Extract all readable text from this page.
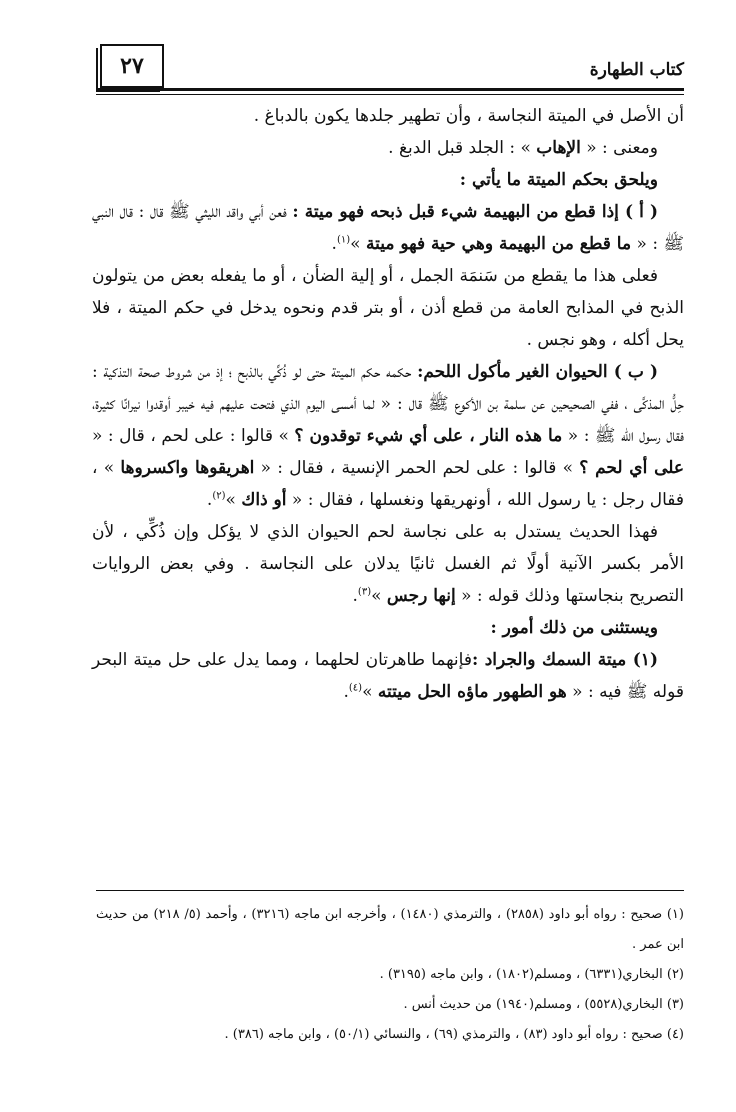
٢٧	كتاب الطهارة

أن الأصل في الميتة النجاسة ، وأن تطهير جلدها يكون بالدباغ .

ومعنى : « الإهاب » : الجلد قبل الدبغ .

ويلحق بحكم الميتة ما يأتي :

( أ ) إذا قطع من البهيمة شيء قبل ذبحه فهو ميتة : فعن أبي واقد الليثي ﷺ قال : قال النبي ﷺ : « ما قطع من البهيمة وهي حية فهو ميتة »$^{(١)}$.

فعلى هذا ما يقطع من سَنمَة الجمل ، أو إلية الضأن ، أو ما يفعله بعض من يتولون الذبح في المذابح العامة من قطع أذن ، أو بتر قدم ونحوه يدخل في حكم الميتة ، فلا يحل أكله ، وهو نجس .

( ب ) الحيوان الغير مأكول اللحم: حكمه حكم الميتة حتى لو ذُكِّي بالذبح ؛ إذ من شروط صحة التذكية : حِلُّ المذكَّى ، ففي الصحيحين عن سلمة بن الأكوع ﷺ قال : « لما أمسى اليوم الذي فتحت عليهم فيه خيبر أوقدوا نيرانًا كثيرة، فقال رسول الله ﷺ : « ما هذه النار ، على أي شيء توقدون ؟ » قالوا : على لحم ، قال : « على أي لحم ؟ » قالوا : على لحم الحمر الإنسية ، فقال : « اهريقوها واكسروها » ، فقال رجل : يا رسول الله ، أونهريقها ونغسلها ، فقال : « أو ذاك »$^{(٢)}$.

فهذا الحديث يستدل به على نجاسة لحم الحيوان الذي لا يؤكل وإن ذُكِّي ، لأن الأمر بكسر الآنية أولًا ثم الغسل ثانيًا يدلان على النجاسة . وفي بعض الروايات التصريح بنجاستها وذلك قوله : « إنها رجس »$^{(٣)}$.

ويستثنى من ذلك أمور :

(١) ميتة السمك والجراد :فإنهما طاهرتان لحلهما ، ومما يدل على حل ميتة البحر قوله ﷺ فيه : « هو الطهور ماؤه الحل ميتته »$^{(٤)}$.

(١) صحيح : رواه أبو داود (٢٨٥٨) ، والترمذي (١٤٨٠) ، وأخرجه ابن ماجه (٣٢١٦) ، وأحمد (٥/ ٢١٨) من حديث ابن عمر .

(٢) البخاري(٦٣٣١) ، ومسلم(١٨٠٢) ، وابن ماجه (٣١٩٥) .

(٣) البخاري(٥٥٢٨) ، ومسلم(١٩٤٠) من حديث أنس .

(٤) صحيح : رواه أبو داود (٨٣) ، والترمذي (٦٩) ، والنسائي (٥٠/١) ، وابن ماجه (٣٨٦) .
